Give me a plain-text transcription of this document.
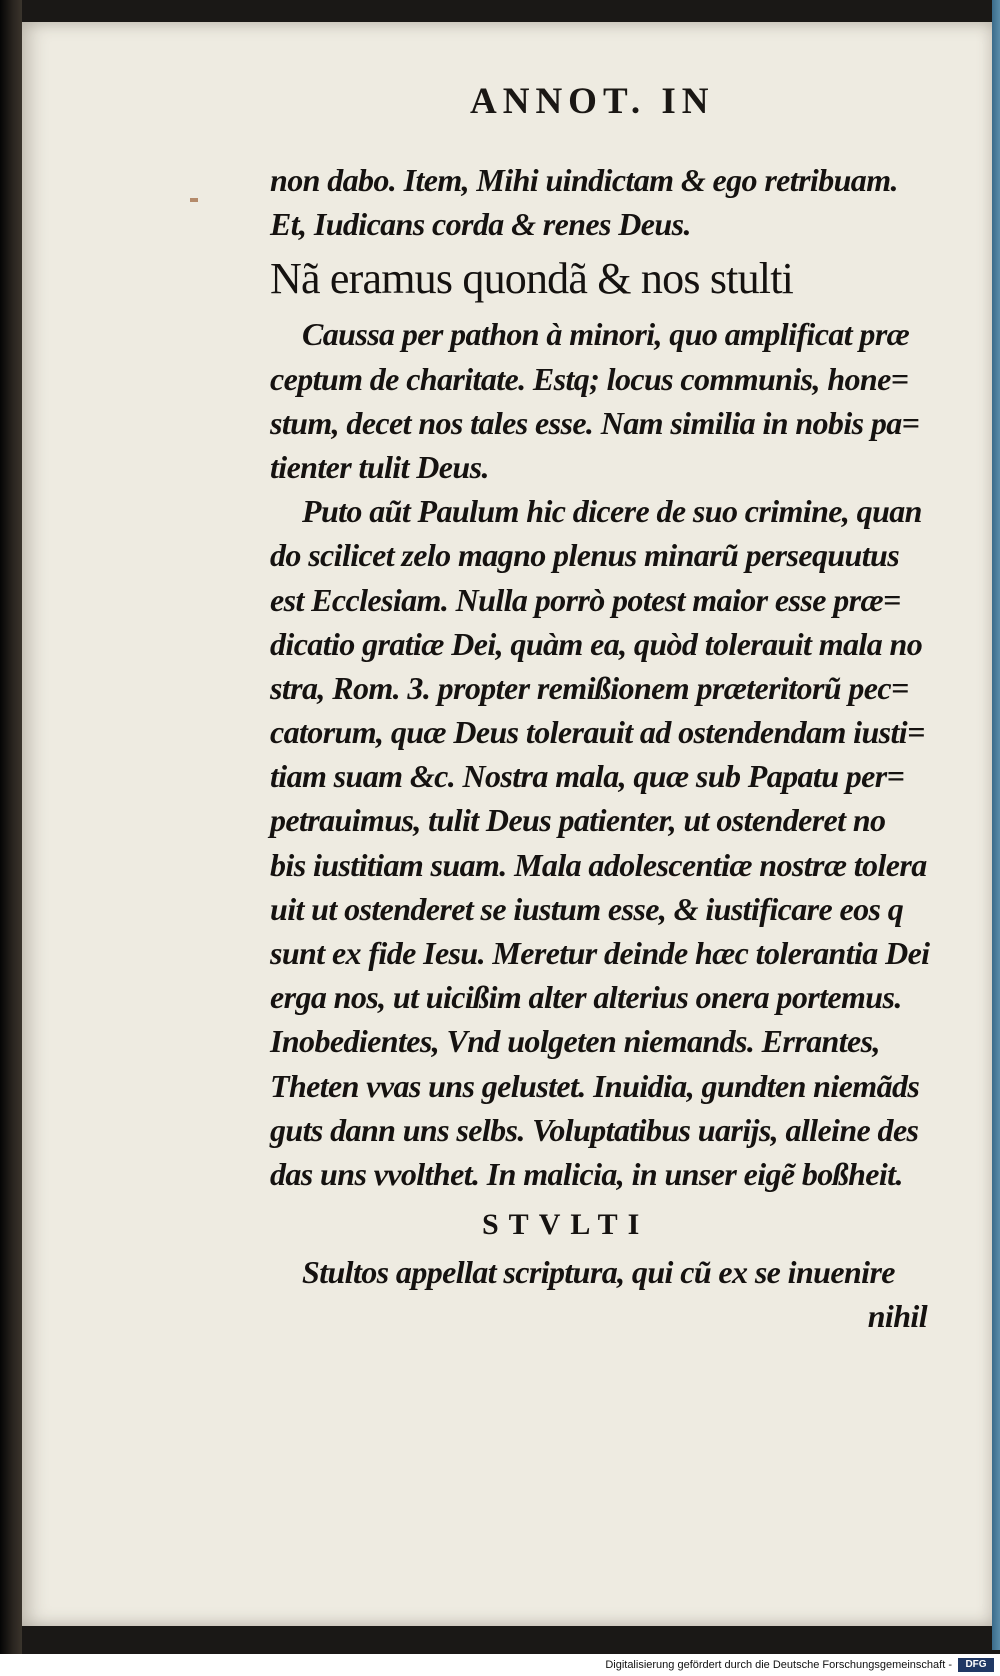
ANNOT. IN
non dabo. Item, Mihi uindictam & ego retribuam.
Et, Iudicans corda & renes Deus.
Nã eramus quondã & nos stulti
Caussa per pathon à minori, quo amplificat præ
ceptum de charitate. Estq; locus communis, hone=
stum, decet nos tales esse. Nam similia in nobis pa=
tienter tulit Deus.
Puto aũt Paulum hic dicere de suo crimine, quan
do scilicet zelo magno plenus minarũ persequutus
est Ecclesiam. Nulla porrò potest maior esse præ=
dicatio gratiæ Dei, quàm ea, quòd tolerauit mala no
stra, Rom. 3. propter remißionem præteritorũ pec=
catorum, quæ Deus tolerauit ad ostendendam iusti=
tiam suam &c. Nostra mala, quæ sub Papatu per=
petrauimus, tulit Deus patienter, ut ostenderet no
bis iustitiam suam. Mala adolescentiæ nostræ tolera
uit ut ostenderet se iustum esse, & iustificare eos q
sunt ex fide Iesu. Meretur deinde hæc tolerantia Dei
erga nos, ut uicißim alter alterius onera portemus.
Inobedientes, Vnd uolgeten niemands. Errantes,
Theten vvas uns gelustet. Inuidia, gundten niemãds
guts dann uns selbs. Voluptatibus uarijs, alleine des
das uns vvolthet. In malicia, in unser eigẽ boßheit.
STVLTI
Stultos appellat scriptura, qui cũ ex se inuenire
nihil
Digitalisierung gefördert durch die Deutsche Forschungsgemeinschaft -	DFG
